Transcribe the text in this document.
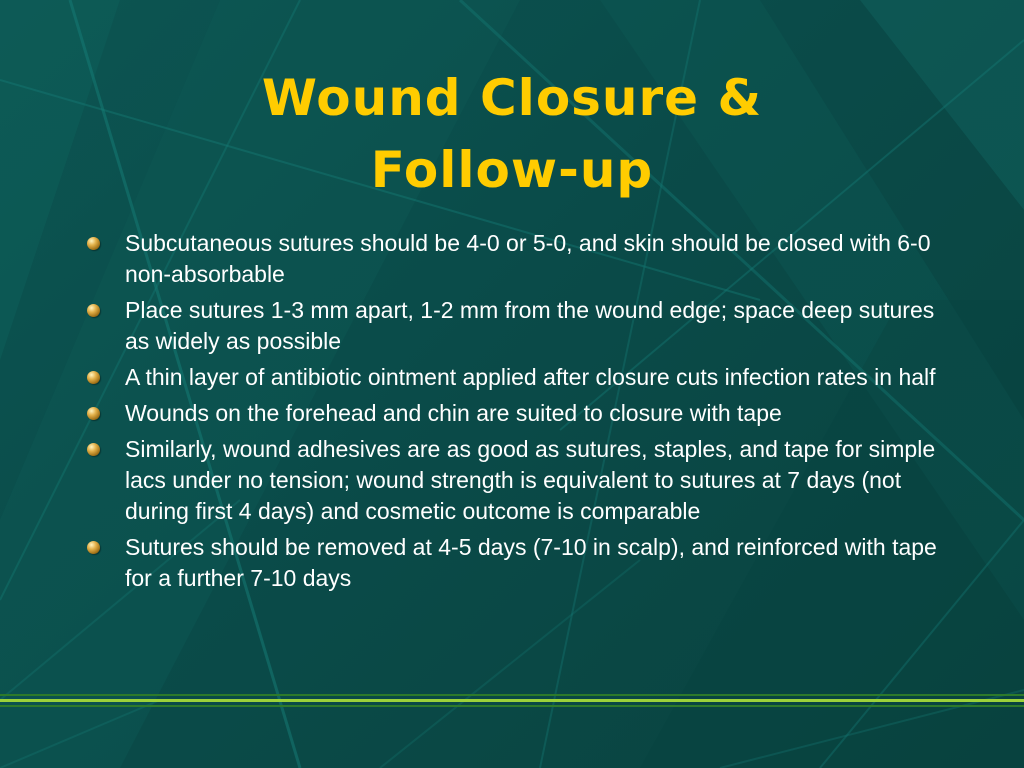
Wound Closure &
Follow-up
Subcutaneous sutures should be 4-0 or 5-0, and skin should be closed with 6-0 non-absorbable
Place sutures 1-3 mm apart, 1-2 mm from the wound edge; space deep sutures as widely as possible
A thin layer of antibiotic ointment applied after closure cuts infection rates in half
Wounds on the forehead and chin are suited to closure with tape
Similarly, wound adhesives are as good as sutures, staples, and tape for simple lacs under no tension; wound strength is equivalent to sutures at 7 days (not during first 4 days) and cosmetic outcome is comparable
Sutures should be removed at 4-5 days (7-10 in scalp), and reinforced with tape for a further 7-10 days
